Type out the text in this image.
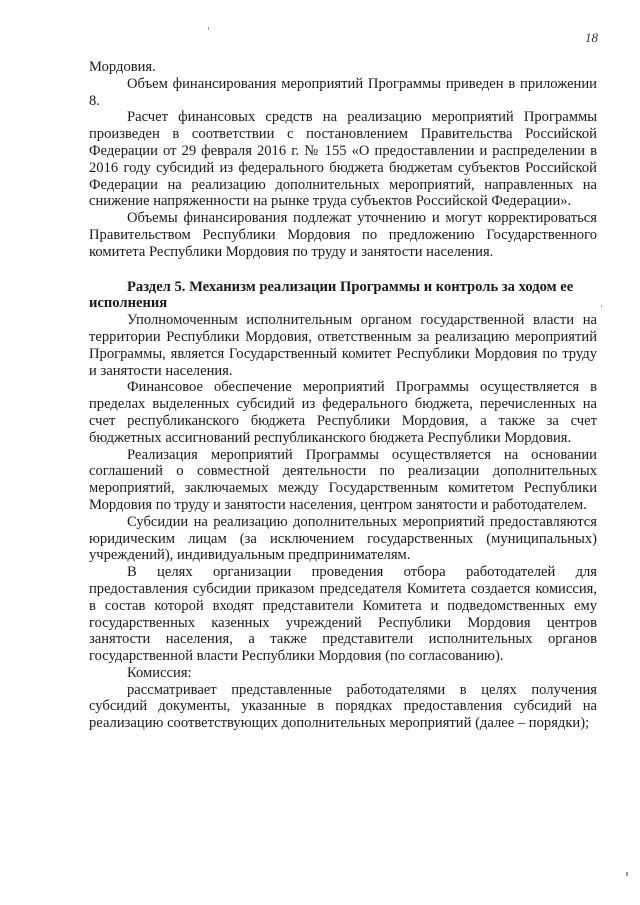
18

Мордовия.

Объем финансирования мероприятий Программы приведен в приложении 8.

Расчет финансовых средств на реализацию мероприятий Программы произведен в соответствии с постановлением Правительства Российской Федерации от 29 февраля 2016 г. № 155 «О предоставлении и распределении в 2016 году субсидий из федерального бюджета бюджетам субъектов Российской Федерации на реализацию дополнительных мероприятий, направленных на снижение напряженности на рынке труда субъектов Российской Федерации».

Объемы финансирования подлежат уточнению и могут корректироваться Правительством Республики Мордовия по предложению Государственного комитета Республики Мордовия по труду и занятости населения.

Раздел 5. Механизм реализации Программы и контроль за ходом ее исполнения

Уполномоченным исполнительным органом государственной власти на территории Республики Мордовия, ответственным за реализацию мероприятий Программы, является Государственный комитет Республики Мордовия по труду и занятости населения.

Финансовое обеспечение мероприятий Программы осуществляется в пределах выделенных субсидий из федерального бюджета, перечисленных на счет республиканского бюджета Республики Мордовия, а также за счет бюджетных ассигнований республиканского бюджета Республики Мордовия.

Реализация мероприятий Программы осуществляется на основании соглашений о совместной деятельности по реализации дополнительных мероприятий, заключаемых между Государственным комитетом Республики Мордовия по труду и занятости населения, центром занятости и работодателем.

Субсидии на реализацию дополнительных мероприятий предоставляются юридическим лицам (за исключением государственных (муниципальных) учреждений), индивидуальным предпринимателям.

В целях организации проведения отбора работодателей для предоставления субсидии приказом председателя Комитета создается комиссия, в состав которой входят представители Комитета и подведомственных ему государственных казенных учреждений Республики Мордовия центров занятости населения, а также представители исполнительных органов государственной власти Республики Мордовия (по согласованию).

Комиссия:

рассматривает представленные работодателями в целях получения субсидий документы, указанные в порядках предоставления субсидий на реализацию соответствующих дополнительных мероприятий (далее – порядки);
